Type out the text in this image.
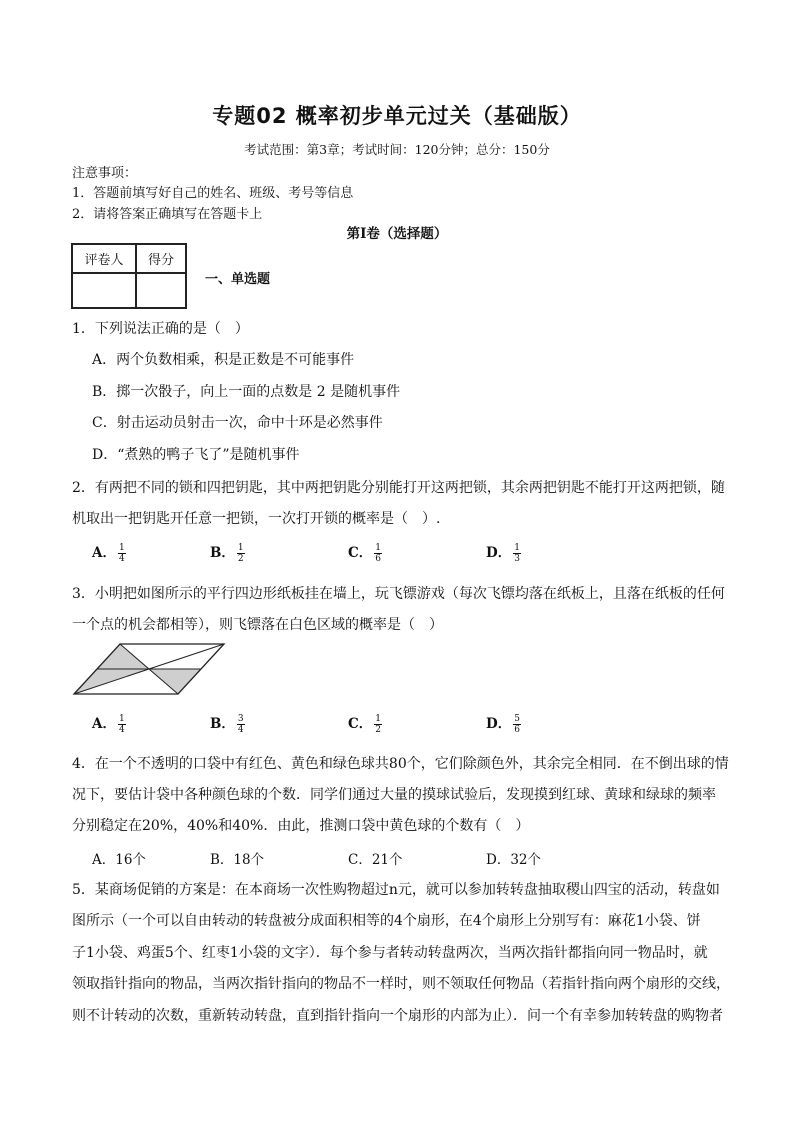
专题02 概率初步单元过关（基础版）
考试范围：第3章；考试时间：120分钟；总分：150分
注意事项：
1．答题前填写好自己的姓名、班级、考号等信息
2．请将答案正确填写在答题卡上
第I卷（选择题）
评卷人	得分

一、单选题
1．下列说法正确的是（　）
A．两个负数相乘，积是正数是不可能事件
B．掷一次骰子，向上一面的点数是 2 是随机事件
C．射击运动员射击一次，命中十环是必然事件
D．“煮熟的鸭子飞了”是随机事件
2．有两把不同的锁和四把钥匙，其中两把钥匙分别能打开这两把锁，其余两把钥匙不能打开这两把锁，随
机取出一把钥匙开任意一把锁，一次打开锁的概率是（　）.
A． $\frac{1}{4}$	B． $\frac{1}{2}$	C． $\frac{1}{6}$	D． $\frac{1}{3}$
3．小明把如图所示的平行四边形纸板挂在墙上，玩飞镖游戏（每次飞镖均落在纸板上，且落在纸板的任何
一个点的机会都相等），则飞镖落在白色区域的概率是（　）
A． $\frac{1}{4}$	B． $\frac{3}{4}$	C． $\frac{1}{2}$	D． $\frac{5}{6}$
4．在一个不透明的口袋中有红色、黄色和绿色球共80个，它们除颜色外，其余完全相同．在不倒出球的情
况下，要估计袋中各种颜色球的个数．同学们通过大量的摸球试验后，发现摸到红球、黄球和绿球的频率
分别稳定在20%，40%和40%．由此，推测口袋中黄色球的个数有（　）
A．16个	B．18个	C．21个	D．32个
5．某商场促销的方案是：在本商场一次性购物超过n元，就可以参加转转盘抽取稷山四宝的活动，转盘如
图所示（一个可以自由转动的转盘被分成面积相等的4个扇形，在4个扇形上分别写有：麻花1小袋、饼
子1小袋、鸡蛋5个、红枣1小袋的文字）．每个参与者转动转盘两次，当两次指针都指向同一物品时，就
领取指针指向的物品，当两次指针指向的物品不一样时，则不领取任何物品（若指针指向两个扇形的交线，
则不计转动的次数，重新转动转盘，直到指针指向一个扇形的内部为止）．问一个有幸参加转转盘的购物者
